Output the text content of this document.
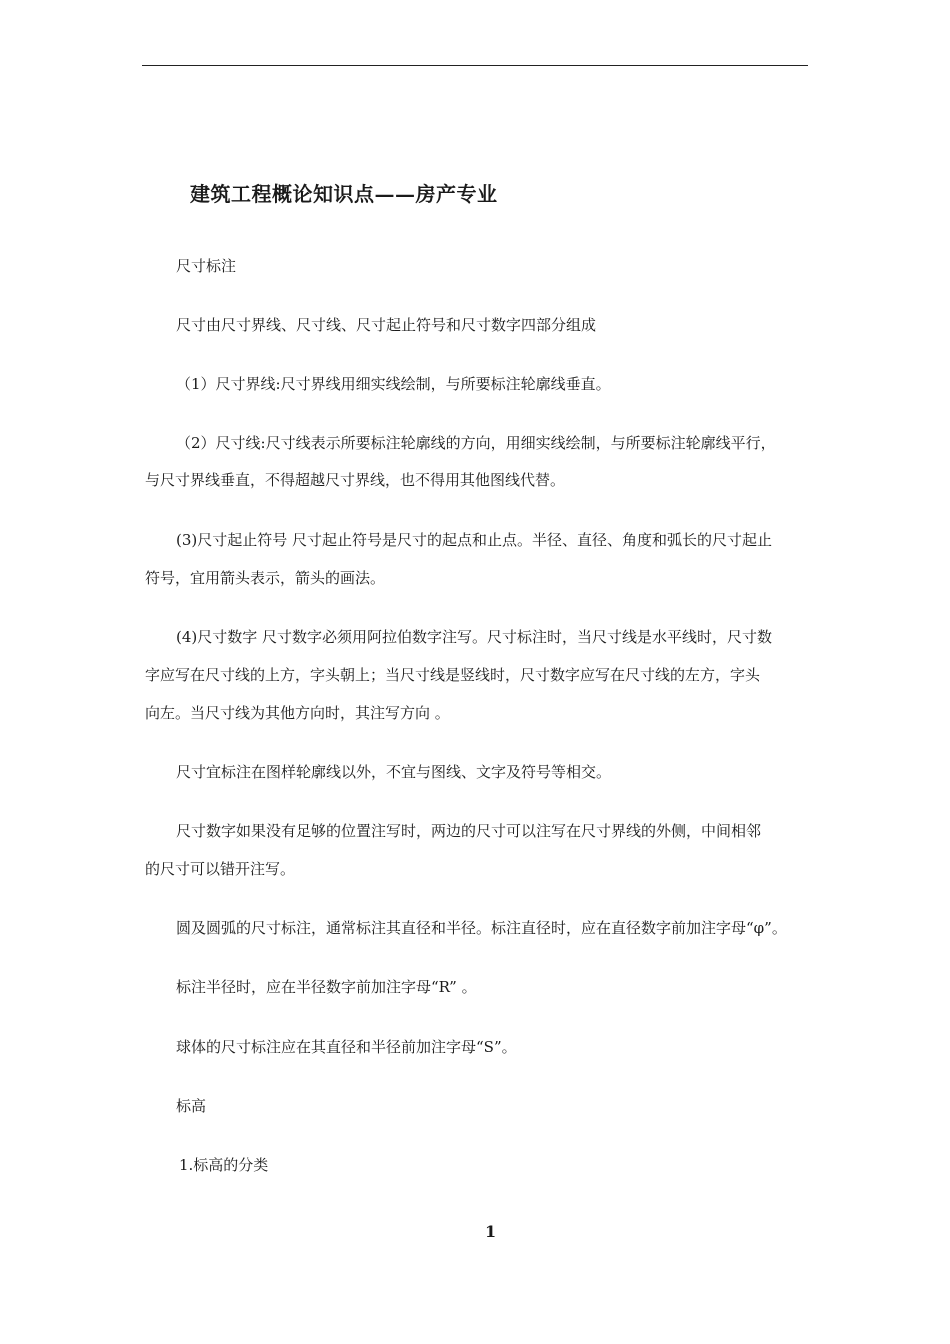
建筑工程概论知识点——房产专业

尺寸标注

尺寸由尺寸界线、尺寸线、尺寸起止符号和尺寸数字四部分组成

（1）尺寸界线:尺寸界线用细实线绘制，与所要标注轮廓线垂直。

（2）尺寸线:尺寸线表示所要标注轮廓线的方向，用细实线绘制，与所要标注轮廓线平行，

与尺寸界线垂直，不得超越尺寸界线，也不得用其他图线代替。

(3)尺寸起止符号 尺寸起止符号是尺寸的起点和止点。半径、直径、角度和弧长的尺寸起止

符号，宜用箭头表示，箭头的画法。

(4)尺寸数字 尺寸数字必须用阿拉伯数字注写。尺寸标注时，当尺寸线是水平线时，尺寸数

字应写在尺寸线的上方，字头朝上；当尺寸线是竖线时，尺寸数字应写在尺寸线的左方，字头

向左。当尺寸线为其他方向时，其注写方向 。

尺寸宜标注在图样轮廓线以外，不宜与图线、文字及符号等相交。

尺寸数字如果没有足够的位置注写时，两边的尺寸可以注写在尺寸界线的外侧，中间相邻

的尺寸可以错开注写。

圆及圆弧的尺寸标注，通常标注其直径和半径。标注直径时，应在直径数字前加注字母“φ”。

标注半径时，应在半径数字前加注字母“R” 。

球体的尺寸标注应在其直径和半径前加注字母“S”。

标高

1.标高的分类

1
